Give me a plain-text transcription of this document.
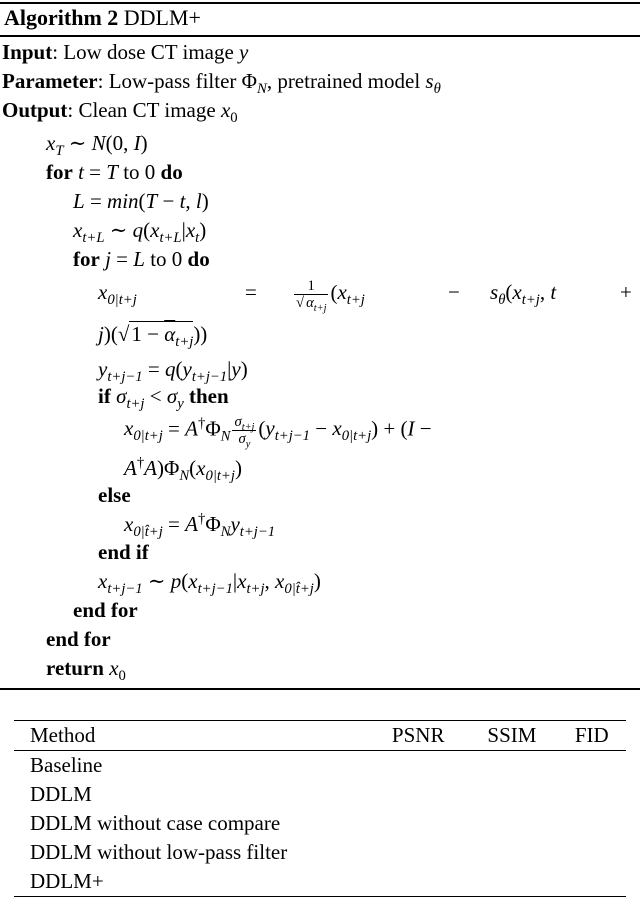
Algorithm 2 DDLM+
Input: Low dose CT image y
Parameter: Low-pass filter $\Phi_N$, pretrained model $s_\theta$
Output: Clean CT image $x_0$
$x_T$ ∼ N(0, I)
for t = T to 0 do
L = min(T − t, l)
$x_{t+L}$ ∼ $q(x_{t+L}|x_t)$
for j = L to 0 do
$x_{0|t+j}$	=	$\frac{1}{√ \alpha_{t+j}} (x_{t+j}$	− $s_\theta(x_{t+j}$, t	+
$j)(√1 - \overline{\alpha}_{t+j})$)
$y_{t+j-1} = q(y_{t+j-1}|y)$
if $\sigma_{t+j} < \sigma_y$ then
$x_{0|t+j} = A^\dagger\Phi_N \frac{\sigma_{t+j}}{\sigma_y} (y_{t+j-1} - x_{0|t+j}) + (I$ −
$A^\dagger A)\Phi_N(x_{0|t+j})$
else
$x_{0|t̂+j} = A^\dagger\Phi_Ny_{t+j-1}$
end if
$x_{t+j-1}$ ∼ $p(x_{t+j-1}|x_{t+j}$, $x_{0|t̂+j}$)
end for
end for
return $x_0$
Method	PSNR	SSIM	FID
Baseline			
DDLM			
DDLM without case compare			
DDLM without low-pass filter			
DDLM+			
